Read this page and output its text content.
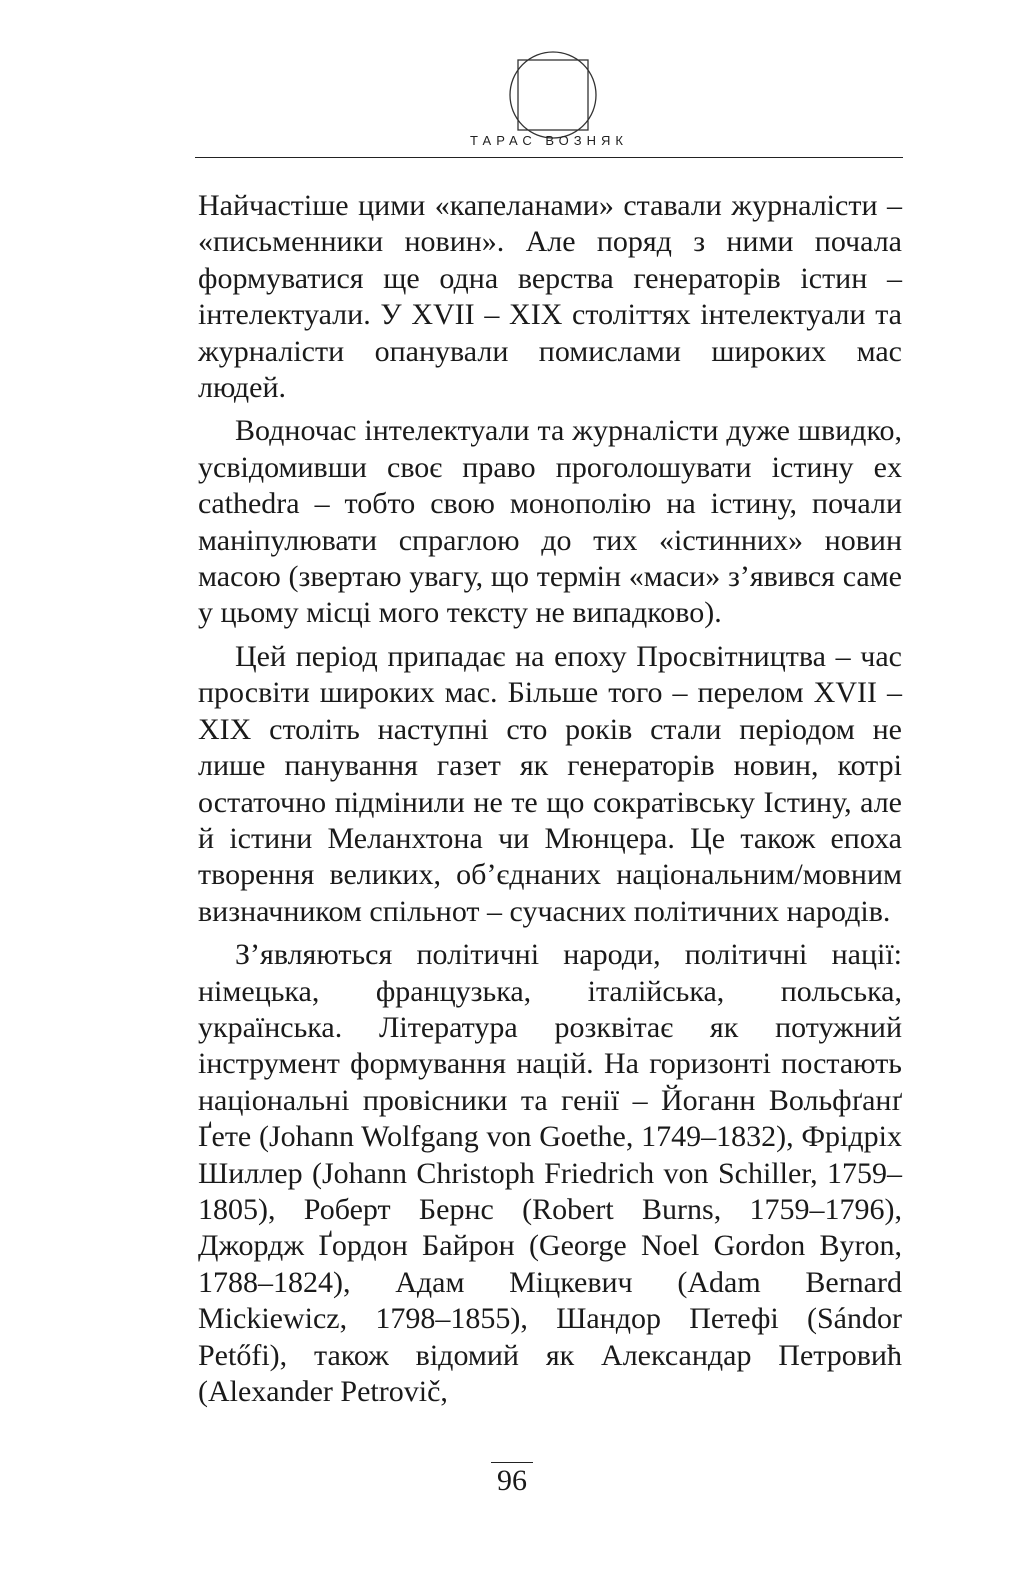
ТАРАС ВОЗНЯК

Найчастіше цими «капеланами» ставали журналісти – «письменники новин». Але поряд з ними почала формуватися ще одна верства генераторів істин – інтелектуали. У XVII – XIX століттях інтелектуали та журналісти опанували помислами широких мас людей.

Водночас інтелектуали та журналісти дуже швидко, усвідомивши своє право проголошувати істину ex cathedra – тобто свою монополію на істину, почали маніпулювати спраглою до тих «істинних» новин масою (звертаю увагу, що термін «маси» з’явився саме у цьому місці мого тексту не випадково).

Цей період припадає на епоху Просвітництва – час просвіти широких мас. Більше того – перелом XVII – XIX століть наступні сто років стали періодом не лише панування газет як генераторів новин, котрі остаточно підмінили не те що сократівську Істину, але й істини Меланхтона чи Мюнцера. Це також епоха творення великих, об’єднаних національним/мовним визначником спільнот – сучасних політичних народів.

З’являються політичні народи, політичні нації: німецька, французька, італійська, польська, українська. Література розквітає як потужний інструмент формування націй. На горизонті постають національні провісники та генії – Йоганн Вольфґанґ Ґете (Johann Wolfgang von Goethe, 1749–1832), Фрідріх Шиллер (Johann Christoph Friedrich von Schiller, 1759–1805), Роберт Бернс (Robert Burns, 1759–1796), Джордж Ґордон Байрон (George Noel Gordon Byron, 1788–1824), Адам Міцкевич (Adam Bernard Mickiewicz, 1798–1855), Шандор Петефі (Sándor Petőfi), також відомий як Александар Петровић (Alexander Petrovič,

96
